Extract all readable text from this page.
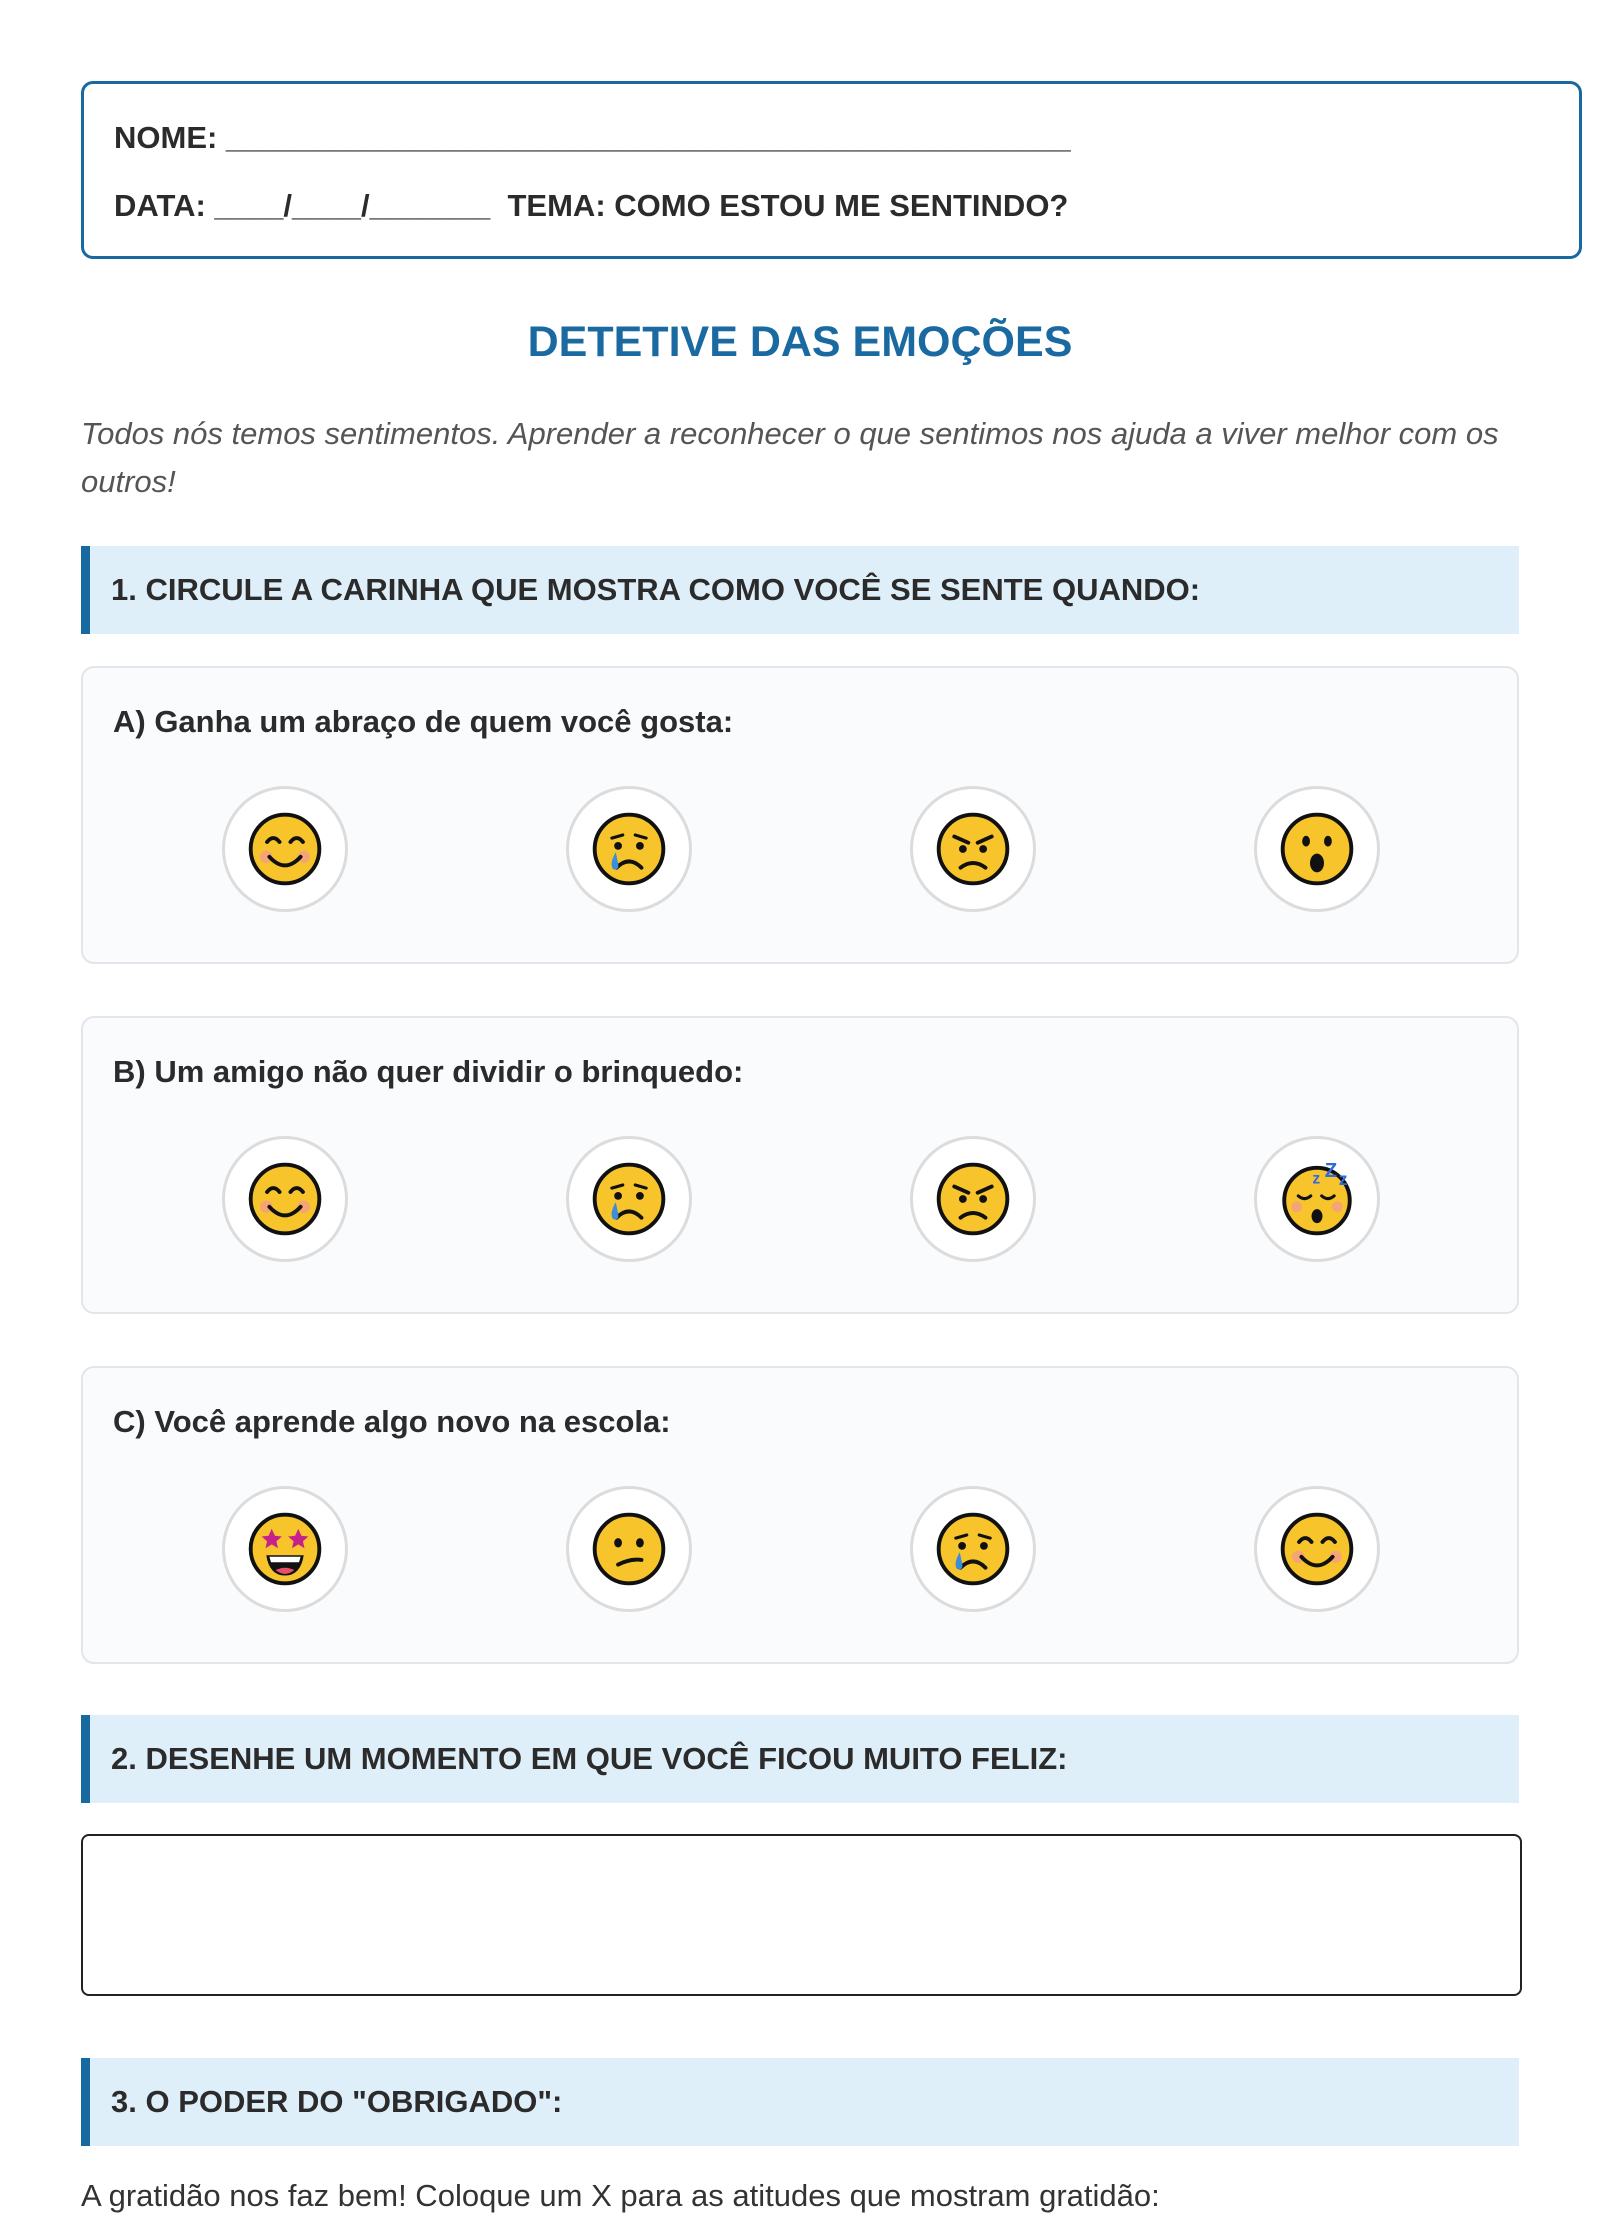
NOME: _________________________________________________
DATA: ____/____/_______  TEMA: COMO ESTOU ME SENTINDO?
DETETIVE DAS EMOÇÕES
Todos nós temos sentimentos. Aprender a reconhecer o que sentimos nos ajuda a viver melhor com os outros!
1. CIRCULE A CARINHA QUE MOSTRA COMO VOCÊ SE SENTE QUANDO:
A) Ganha um abraço de quem você gosta:
B) Um amigo não quer dividir o brinquedo:
z Z z
C) Você aprende algo novo na escola:
2. DESENHE UM MOMENTO EM QUE VOCÊ FICOU MUITO FELIZ:
3. O PODER DO "OBRIGADO":
A gratidão nos faz bem! Coloque um X para as atitudes que mostram gratidão:
